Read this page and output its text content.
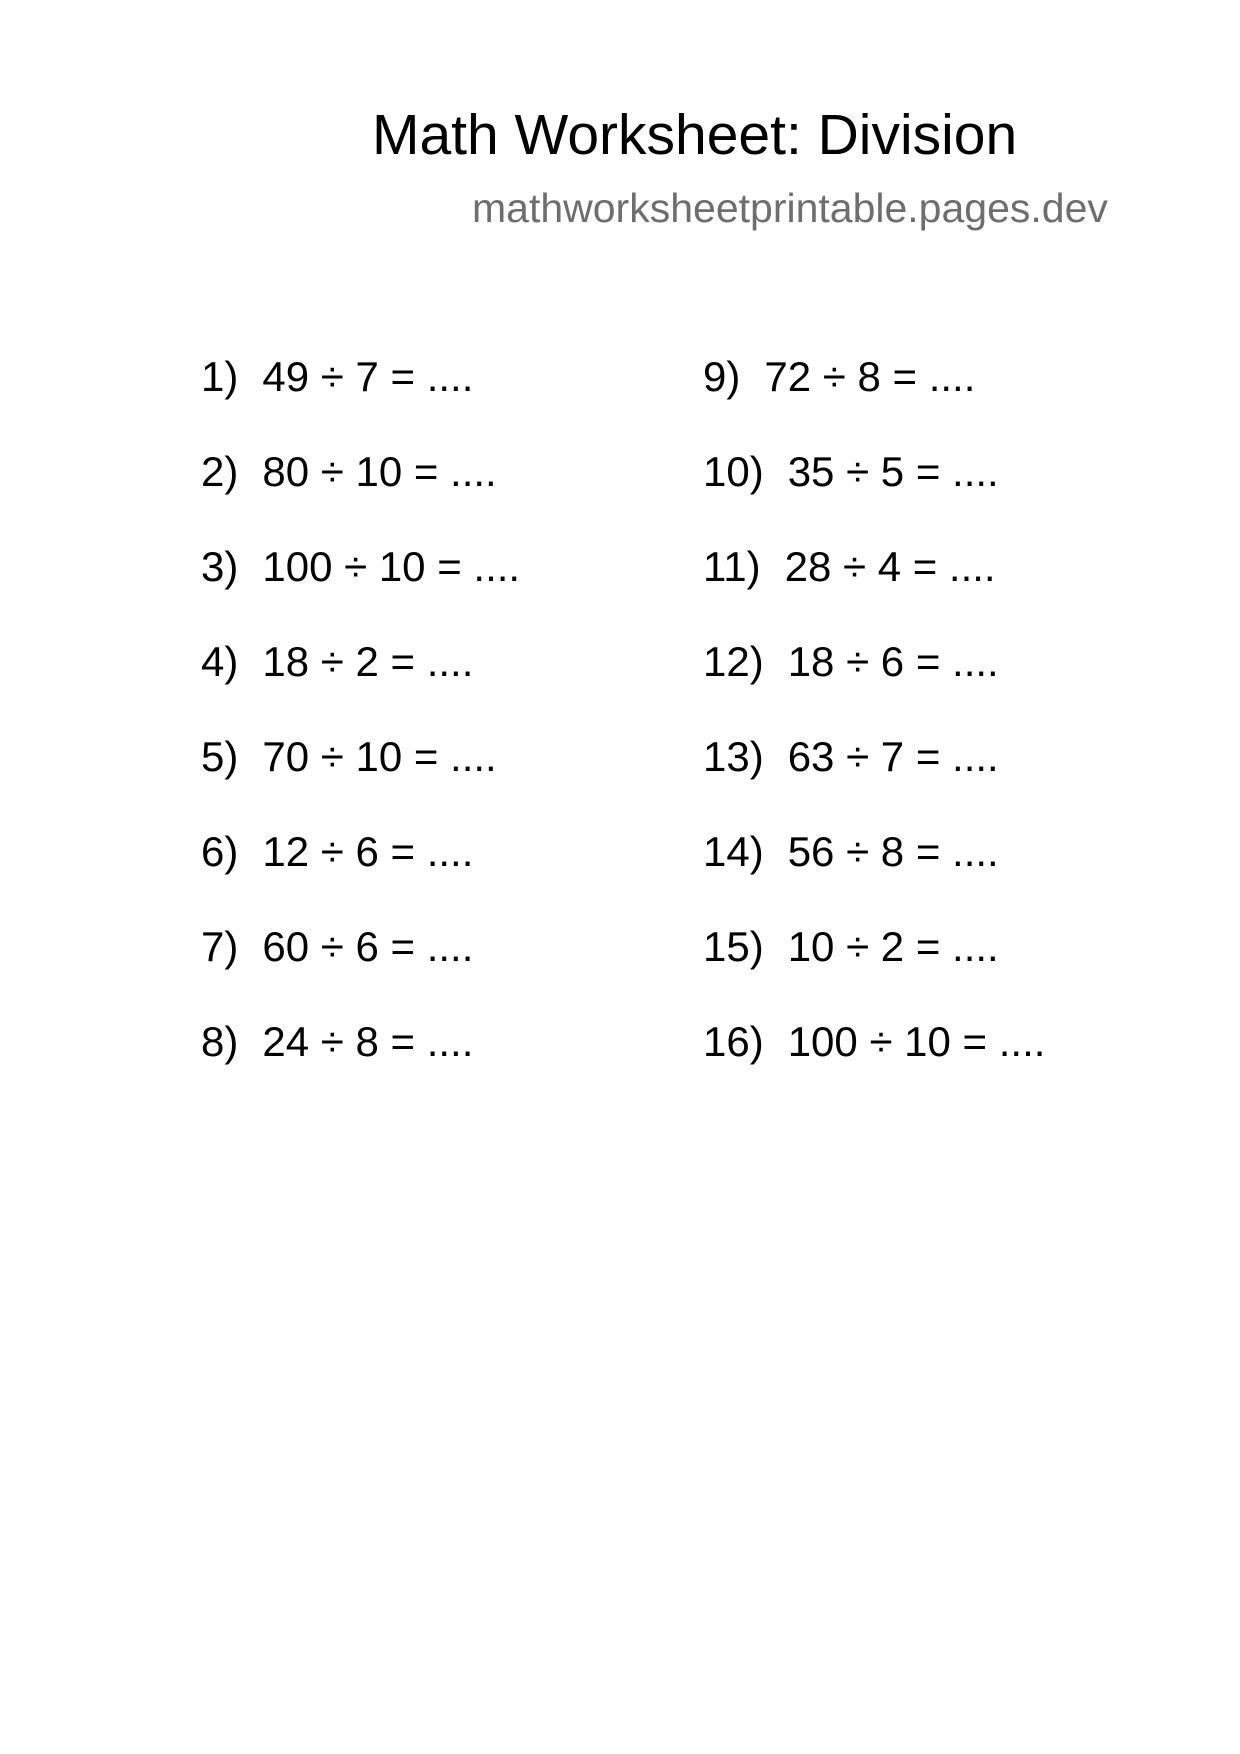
Math Worksheet: Division
mathworksheetprintable.pages.dev
1) 49 ÷ 7 = ....
2) 80 ÷ 10 = ....
3) 100 ÷ 10 = ....
4) 18 ÷ 2 = ....
5) 70 ÷ 10 = ....
6) 12 ÷ 6 = ....
7) 60 ÷ 6 = ....
8) 24 ÷ 8 = ....
9) 72 ÷ 8 = ....
10) 35 ÷ 5 = ....
11) 28 ÷ 4 = ....
12) 18 ÷ 6 = ....
13) 63 ÷ 7 = ....
14) 56 ÷ 8 = ....
15) 10 ÷ 2 = ....
16) 100 ÷ 10 = ....
